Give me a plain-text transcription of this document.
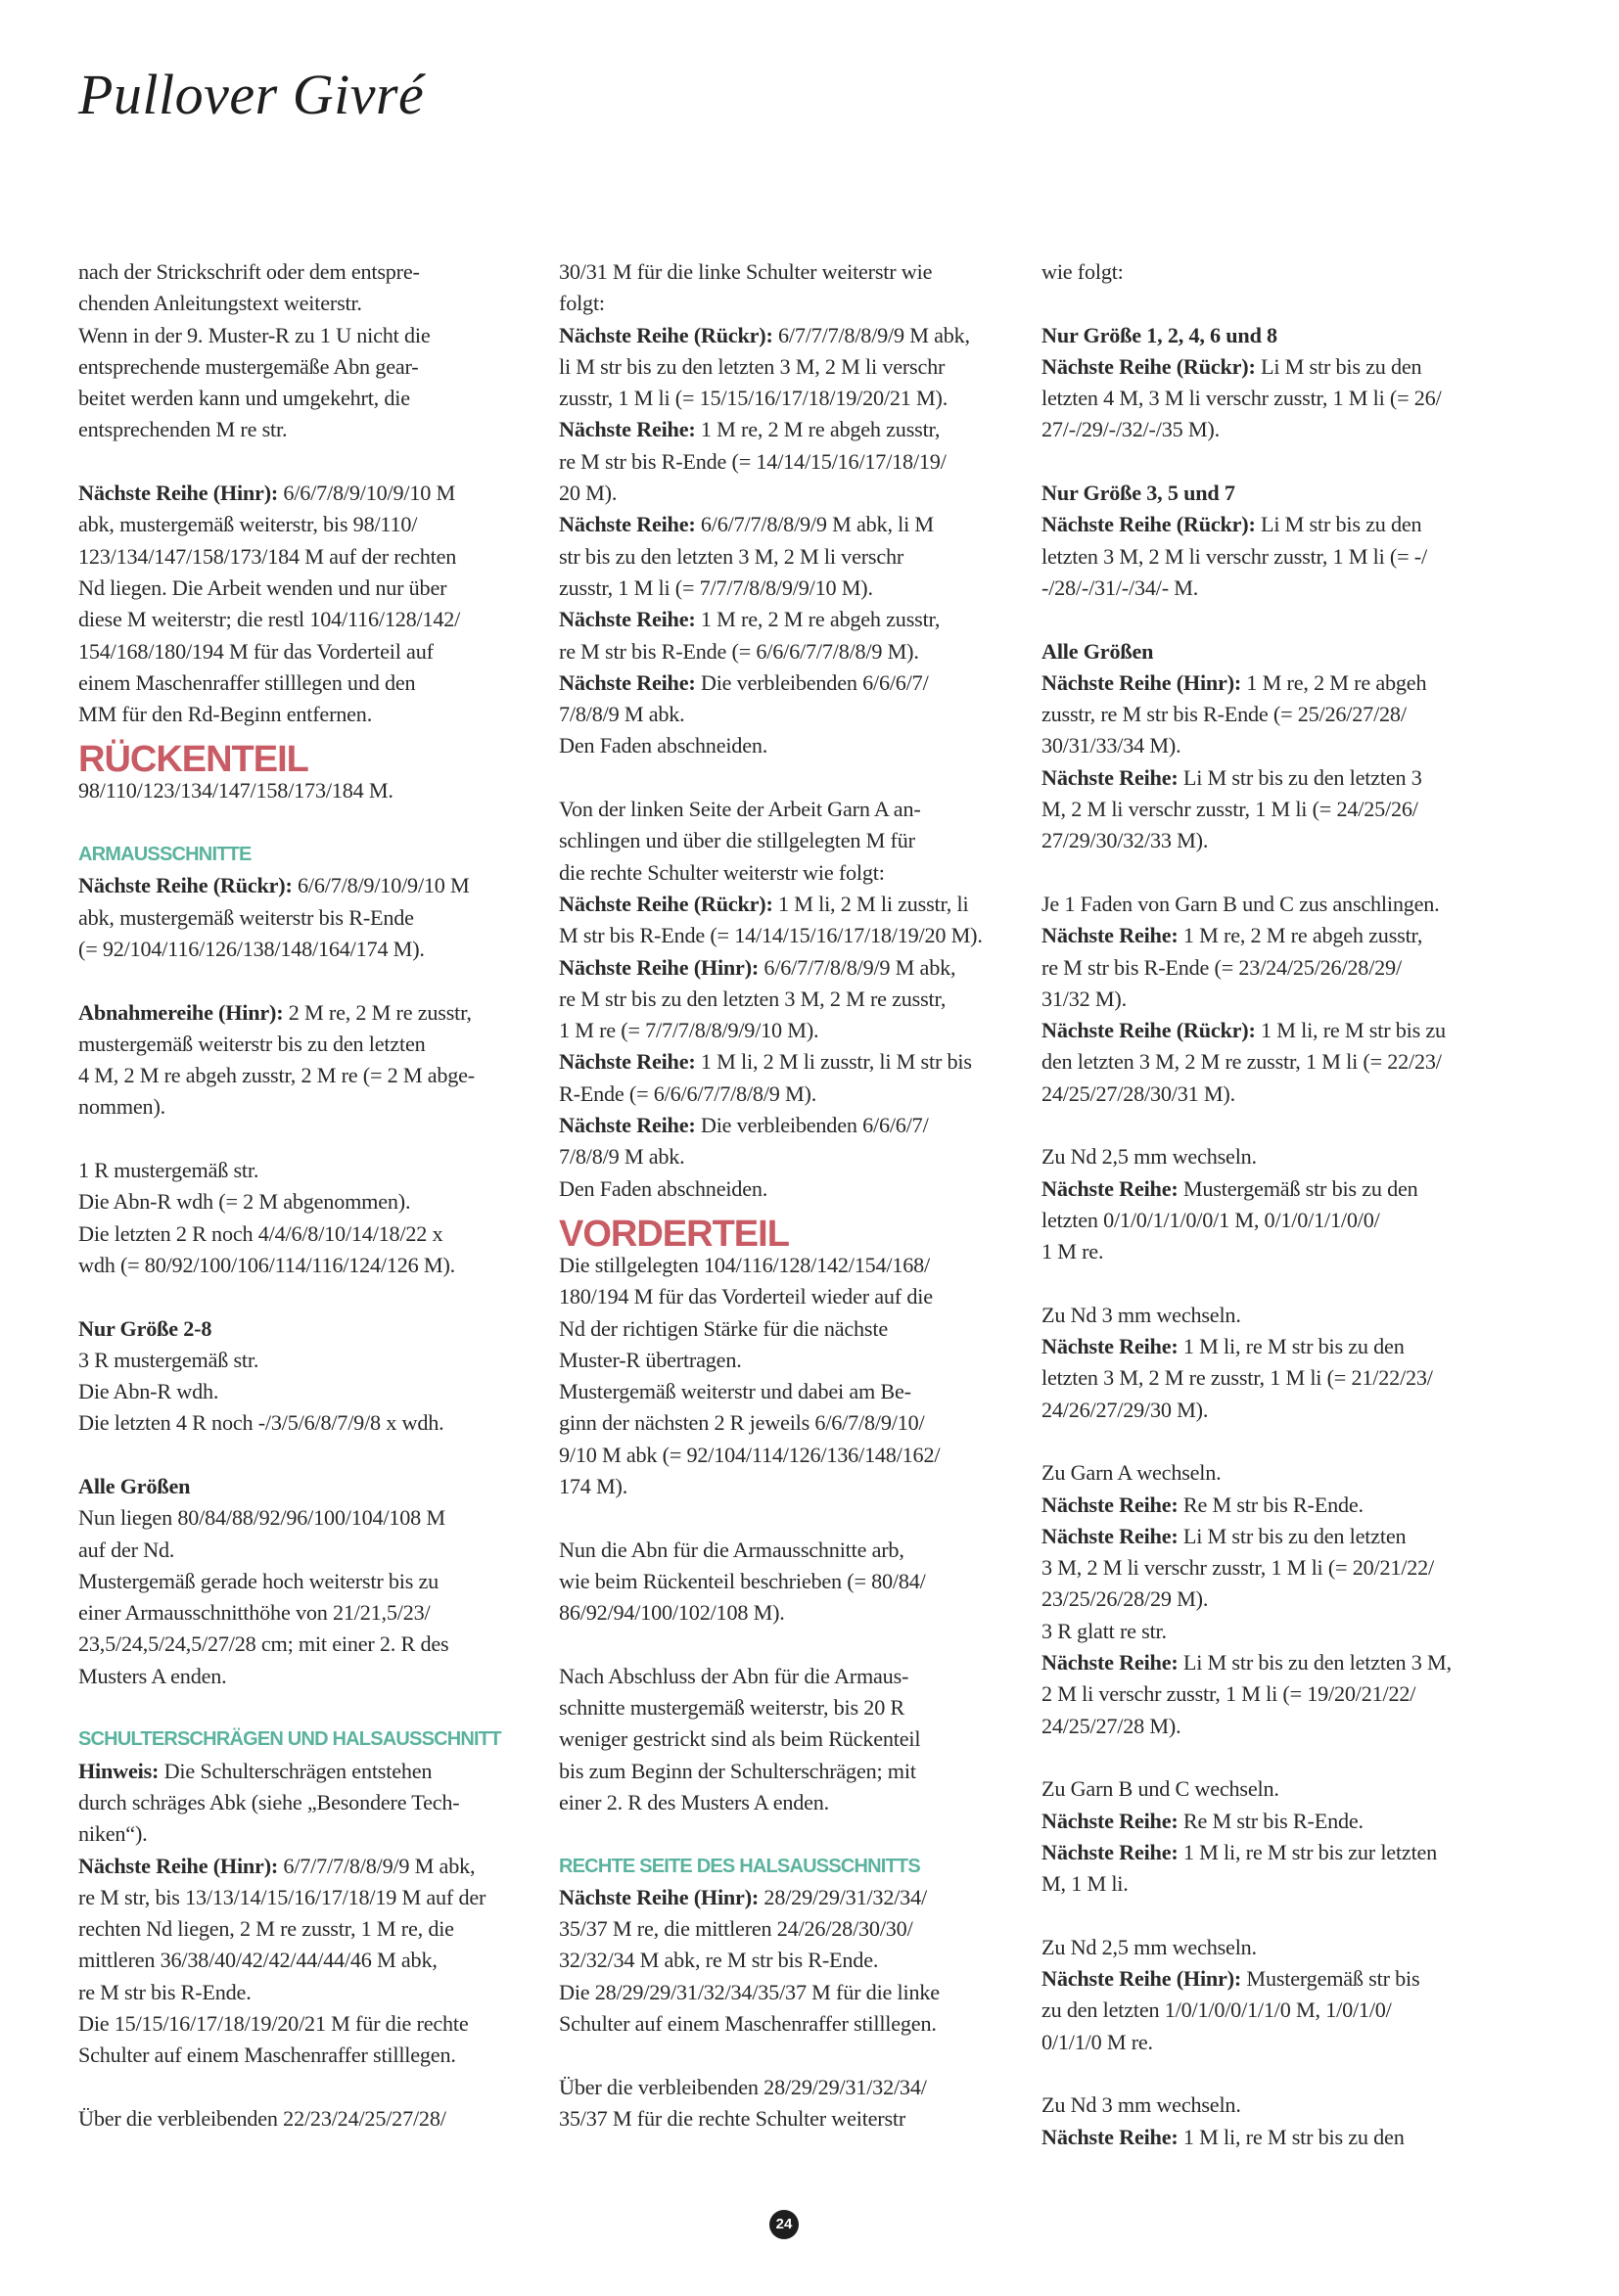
Pullover Givré
nach der Strickschrift oder dem entspre-
chenden Anleitungstext weiterstr.
Wenn in der 9. Muster-R zu 1 U nicht die
entsprechende mustergemäße Abn gear-
beitet werden kann und umgekehrt, die
entsprechenden M re str.
Nächste Reihe (Hinr): 6/6/7/8/9/10/9/10 M
abk, mustergemäß weiterstr, bis 98/110/
123/134/147/158/173/184 M auf der rechten
Nd liegen. Die Arbeit wenden und nur über
diese M weiterstr; die restl 104/116/128/142/
154/168/180/194 M für das Vorderteil auf
einem Maschenraffer stilllegen und den
MM für den Rd-Beginn entfernen.
RÜCKENTEIL
98/110/123/134/147/158/173/184 M.
ARMAUSSCHNITTE
Nächste Reihe (Rückr): 6/6/7/8/9/10/9/10 M
abk, mustergemäß weiterstr bis R-Ende
(= 92/104/116/126/138/148/164/174 M).
Abnahmereihe (Hinr): 2 M re, 2 M re zusstr,
mustergemäß weiterstr bis zu den letzten
4 M, 2 M re abgeh zusstr, 2 M re (= 2 M abge-
nommen).
1 R mustergemäß str.
Die Abn-R wdh (= 2 M abgenommen).
Die letzten 2 R noch 4/4/6/8/10/14/18/22 x
wdh (= 80/92/100/106/114/116/124/126 M).
Nur Größe 2-8
3 R mustergemäß str.
Die Abn-R wdh.
Die letzten 4 R noch -/3/5/6/8/7/9/8 x wdh.
Alle Größen
Nun liegen 80/84/88/92/96/100/104/108 M
auf der Nd.
Mustergemäß gerade hoch weiterstr bis zu
einer Armausschnitthöhe von 21/21,5/23/
23,5/24,5/24,5/27/28 cm; mit einer 2. R des
Musters A enden.
SCHULTERSCHRÄGEN UND HALSAUSSCHNITT
Hinweis: Die Schulterschrägen entstehen
durch schräges Abk (siehe „Besondere Tech-
niken“).
Nächste Reihe (Hinr): 6/7/7/7/8/8/9/9 M abk,
re M str, bis 13/13/14/15/16/17/18/19 M auf der
rechten Nd liegen, 2 M re zusstr, 1 M re, die
mittleren 36/38/40/42/42/44/44/46 M abk,
re M str bis R-Ende.
Die 15/15/16/17/18/19/20/21 M für die rechte
Schulter auf einem Maschenraffer stilllegen.
Über die verbleibenden 22/23/24/25/27/28/
30/31 M für die linke Schulter weiterstr wie
folgt:
Nächste Reihe (Rückr): 6/7/7/7/8/8/9/9 M abk,
li M str bis zu den letzten 3 M, 2 M li verschr
zusstr, 1 M li (= 15/15/16/17/18/19/20/21 M).
Nächste Reihe: 1 M re, 2 M re abgeh zusstr,
re M str bis R-Ende (= 14/14/15/16/17/18/19/
20 M).
Nächste Reihe: 6/6/7/7/8/8/9/9 M abk, li M
str bis zu den letzten 3 M, 2 M li verschr
zusstr, 1 M li (= 7/7/7/8/8/9/9/10 M).
Nächste Reihe: 1 M re, 2 M re abgeh zusstr,
re M str bis R-Ende (= 6/6/6/7/7/8/8/9 M).
Nächste Reihe: Die verbleibenden 6/6/6/7/
7/8/8/9 M abk.
Den Faden abschneiden.
Von der linken Seite der Arbeit Garn A an-
schlingen und über die stillgelegten M für
die rechte Schulter weiterstr wie folgt:
Nächste Reihe (Rückr): 1 M li, 2 M li zusstr, li
M str bis R-Ende (= 14/14/15/16/17/18/19/20 M).
Nächste Reihe (Hinr): 6/6/7/7/8/8/9/9 M abk,
re M str bis zu den letzten 3 M, 2 M re zusstr,
1 M re (= 7/7/7/8/8/9/9/10 M).
Nächste Reihe: 1 M li, 2 M li zusstr, li M str bis
R-Ende (= 6/6/6/7/7/8/8/9 M).
Nächste Reihe: Die verbleibenden 6/6/6/7/
7/8/8/9 M abk.
Den Faden abschneiden.
VORDERTEIL
Die stillgelegten 104/116/128/142/154/168/
180/194 M für das Vorderteil wieder auf die
Nd der richtigen Stärke für die nächste
Muster-R übertragen.
Mustergemäß weiterstr und dabei am Be-
ginn der nächsten 2 R jeweils 6/6/7/8/9/10/
9/10 M abk (= 92/104/114/126/136/148/162/
174 M).
Nun die Abn für die Armausschnitte arb,
wie beim Rückenteil beschrieben (= 80/84/
86/92/94/100/102/108 M).
Nach Abschluss der Abn für die Armaus-
schnitte mustergemäß weiterstr, bis 20 R
weniger gestrickt sind als beim Rückenteil
bis zum Beginn der Schulterschrägen; mit
einer 2. R des Musters A enden.
RECHTE SEITE DES HALSAUSSCHNITTS
Nächste Reihe (Hinr): 28/29/29/31/32/34/
35/37 M re, die mittleren 24/26/28/30/30/
32/32/34 M abk, re M str bis R-Ende.
Die 28/29/29/31/32/34/35/37 M für die linke
Schulter auf einem Maschenraffer stilllegen.
Über die verbleibenden 28/29/29/31/32/34/
35/37 M für die rechte Schulter weiterstr
wie folgt:
Nur Größe 1, 2, 4, 6 und 8
Nächste Reihe (Rückr): Li M str bis zu den
letzten 4 M, 3 M li verschr zusstr, 1 M li (= 26/
27/-/29/-/32/-/35 M).
Nur Größe 3, 5 und 7
Nächste Reihe (Rückr): Li M str bis zu den
letzten 3 M, 2 M li verschr zusstr, 1 M li (= -/
-/28/-/31/-/34/- M.
Alle Größen
Nächste Reihe (Hinr): 1 M re, 2 M re abgeh
zusstr, re M str bis R-Ende (= 25/26/27/28/
30/31/33/34 M).
Nächste Reihe: Li M str bis zu den letzten 3
M, 2 M li verschr zusstr, 1 M li (= 24/25/26/
27/29/30/32/33 M).
Je 1 Faden von Garn B und C zus anschlingen.
Nächste Reihe: 1 M re, 2 M re abgeh zusstr,
re M str bis R-Ende (= 23/24/25/26/28/29/
31/32 M).
Nächste Reihe (Rückr): 1 M li, re M str bis zu
den letzten 3 M, 2 M re zusstr, 1 M li (= 22/23/
24/25/27/28/30/31 M).
Zu Nd 2,5 mm wechseln.
Nächste Reihe: Mustergemäß str bis zu den
letzten 0/1/0/1/1/0/0/1 M, 0/1/0/1/1/0/0/
1 M re.
Zu Nd 3 mm wechseln.
Nächste Reihe: 1 M li, re M str bis zu den
letzten 3 M, 2 M re zusstr, 1 M li (= 21/22/23/
24/26/27/29/30 M).
Zu Garn A wechseln.
Nächste Reihe: Re M str bis R-Ende.
Nächste Reihe: Li M str bis zu den letzten
3 M, 2 M li verschr zusstr, 1 M li (= 20/21/22/
23/25/26/28/29 M).
3 R glatt re str.
Nächste Reihe: Li M str bis zu den letzten 3 M,
2 M li verschr zusstr, 1 M li (= 19/20/21/22/
24/25/27/28 M).
Zu Garn B und C wechseln.
Nächste Reihe: Re M str bis R-Ende.
Nächste Reihe: 1 M li, re M str bis zur letzten
M, 1 M li.
Zu Nd 2,5 mm wechseln.
Nächste Reihe (Hinr): Mustergemäß str bis
zu den letzten 1/0/1/0/0/1/1/0 M, 1/0/1/0/
0/1/1/0 M re.
Zu Nd 3 mm wechseln.
Nächste Reihe: 1 M li, re M str bis zu den
24
